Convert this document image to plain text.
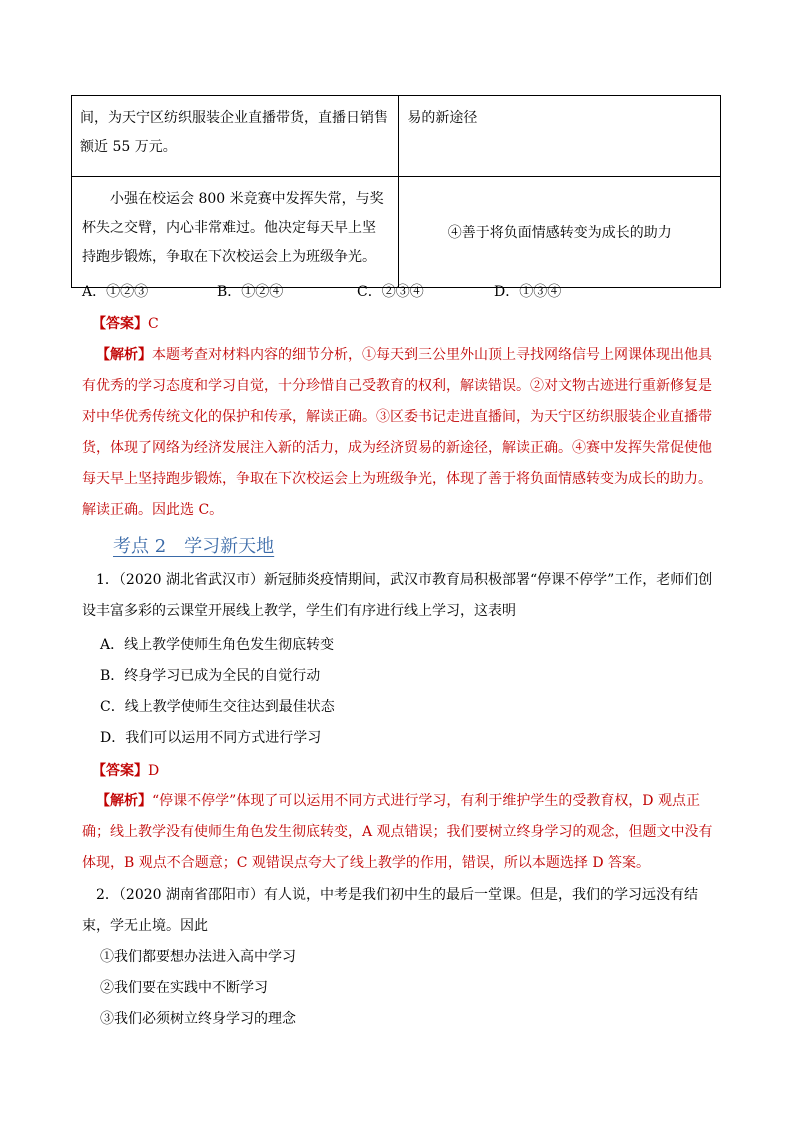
间，为天宁区纺织服装企业直播带货，直播日销售额近 55 万元。	易的新途径
小强在校运会 800 米竞赛中发挥失常，与奖杯失之交臂，内心非常难过。他决定每天早上坚持跑步锻炼，争取在下次校运会上为班级争光。	④善于将负面情感转变为成长的助力
A．①②③	B．①②④	C．②③④	D．①③④
【答案】C
【解析】本题考查对材料内容的细节分析，①每天到三公里外山顶上寻找网络信号上网课体现出他具有优秀的学习态度和学习自觉，十分珍惜自己受教育的权利，解读错误。②对文物古迹进行重新修复是对中华优秀传统文化的保护和传承，解读正确。③区委书记走进直播间，为天宁区纺织服装企业直播带货，体现了网络为经济发展注入新的活力，成为经济贸易的新途径，解读正确。④赛中发挥失常促使他每天早上坚持跑步锻炼，争取在下次校运会上为班级争光，体现了善于将负面情感转变为成长的助力。解读正确。因此选 C。
考点 2　学习新天地
1．（2020 湖北省武汉市）新冠肺炎疫情期间，武汉市教育局积极部署“停课不停学”工作，老师们创设丰富多彩的云课堂开展线上教学，学生们有序进行线上学习，这表明
A．线上教学使师生角色发生彻底转变
B．终身学习已成为全民的自觉行动
C．线上教学使师生交往达到最佳状态
D．我们可以运用不同方式进行学习
【答案】D
【解析】“停课不停学”体现了可以运用不同方式进行学习，有利于维护学生的受教育权，D 观点正确；线上教学没有使师生角色发生彻底转变，A 观点错误；我们要树立终身学习的观念，但题文中没有体现，B 观点不合题意；C 观错误点夸大了线上教学的作用，错误，所以本题选择 D 答案。
2．（2020 湖南省邵阳市）有人说，中考是我们初中生的最后一堂课。但是，我们的学习远没有结束，学无止境。因此
①我们都要想办法进入高中学习
②我们要在实践中不断学习
③我们必须树立终身学习的理念
